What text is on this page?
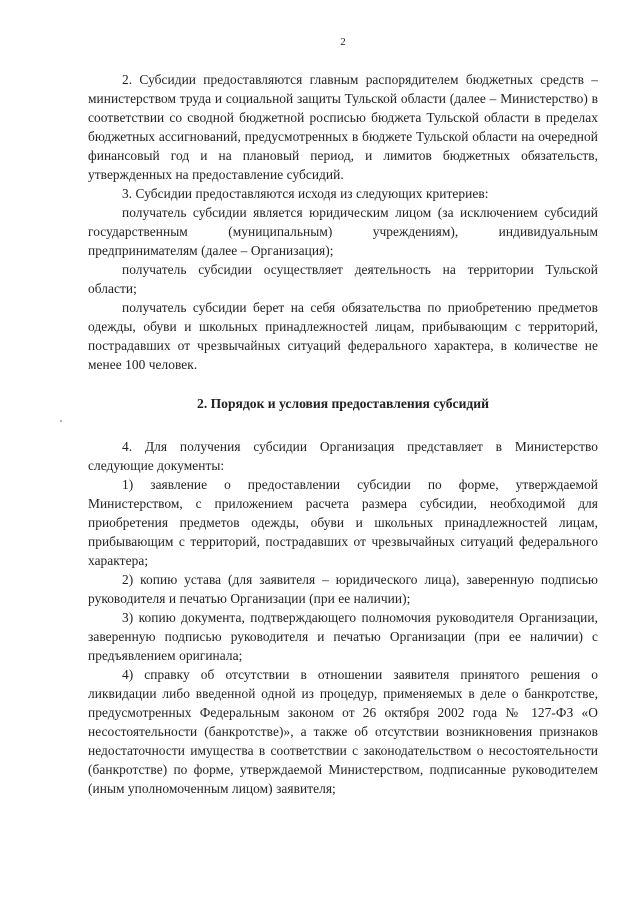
2

2. Субсидии предоставляются главным распорядителем бюджетных средств – министерством труда и социальной защиты Тульской области (далее – Министерство) в соответствии со сводной бюджетной росписью бюджета Тульской области в пределах бюджетных ассигнований, предусмотренных в бюджете Тульской области на очередной финансовый год и на плановый период, и лимитов бюджетных обязательств, утвержденных на предоставление субсидий.

3. Субсидии предоставляются исходя из следующих критериев:

получатель субсидии является юридическим лицом (за исключением субсидий государственным (муниципальным) учреждениям), индивидуальным предпринимателям (далее – Организация);

получатель субсидии осуществляет деятельность на территории Тульской области;

получатель субсидии берет на себя обязательства по приобретению предметов одежды, обуви и школьных принадлежностей лицам, прибывающим с территорий, пострадавших от чрезвычайных ситуаций федерального характера, в количестве не менее 100 человек.

2. Порядок и условия предоставления субсидий

4. Для получения субсидии Организация представляет в Министерство следующие документы:

1) заявление о предоставлении субсидии по форме, утверждаемой Министерством, с приложением расчета размера субсидии, необходимой для приобретения предметов одежды, обуви и школьных принадлежностей лицам, прибывающим с территорий, пострадавших от чрезвычайных ситуаций федерального характера;

2) копию устава (для заявителя – юридического лица), заверенную подписью руководителя и печатью Организации (при ее наличии);

3) копию документа, подтверждающего полномочия руководителя Организации, заверенную подписью руководителя и печатью Организации (при ее наличии) с предъявлением оригинала;

4) справку об отсутствии в отношении заявителя принятого решения о ликвидации либо введенной одной из процедур, применяемых в деле о банкротстве, предусмотренных Федеральным законом от 26 октября 2002 года № 127-ФЗ «О несостоятельности (банкротстве)», а также об отсутствии возникновения признаков недостаточности имущества в соответствии с законодательством о несостоятельности (банкротстве) по форме, утверждаемой Министерством, подписанные руководителем (иным уполномоченным лицом) заявителя;
